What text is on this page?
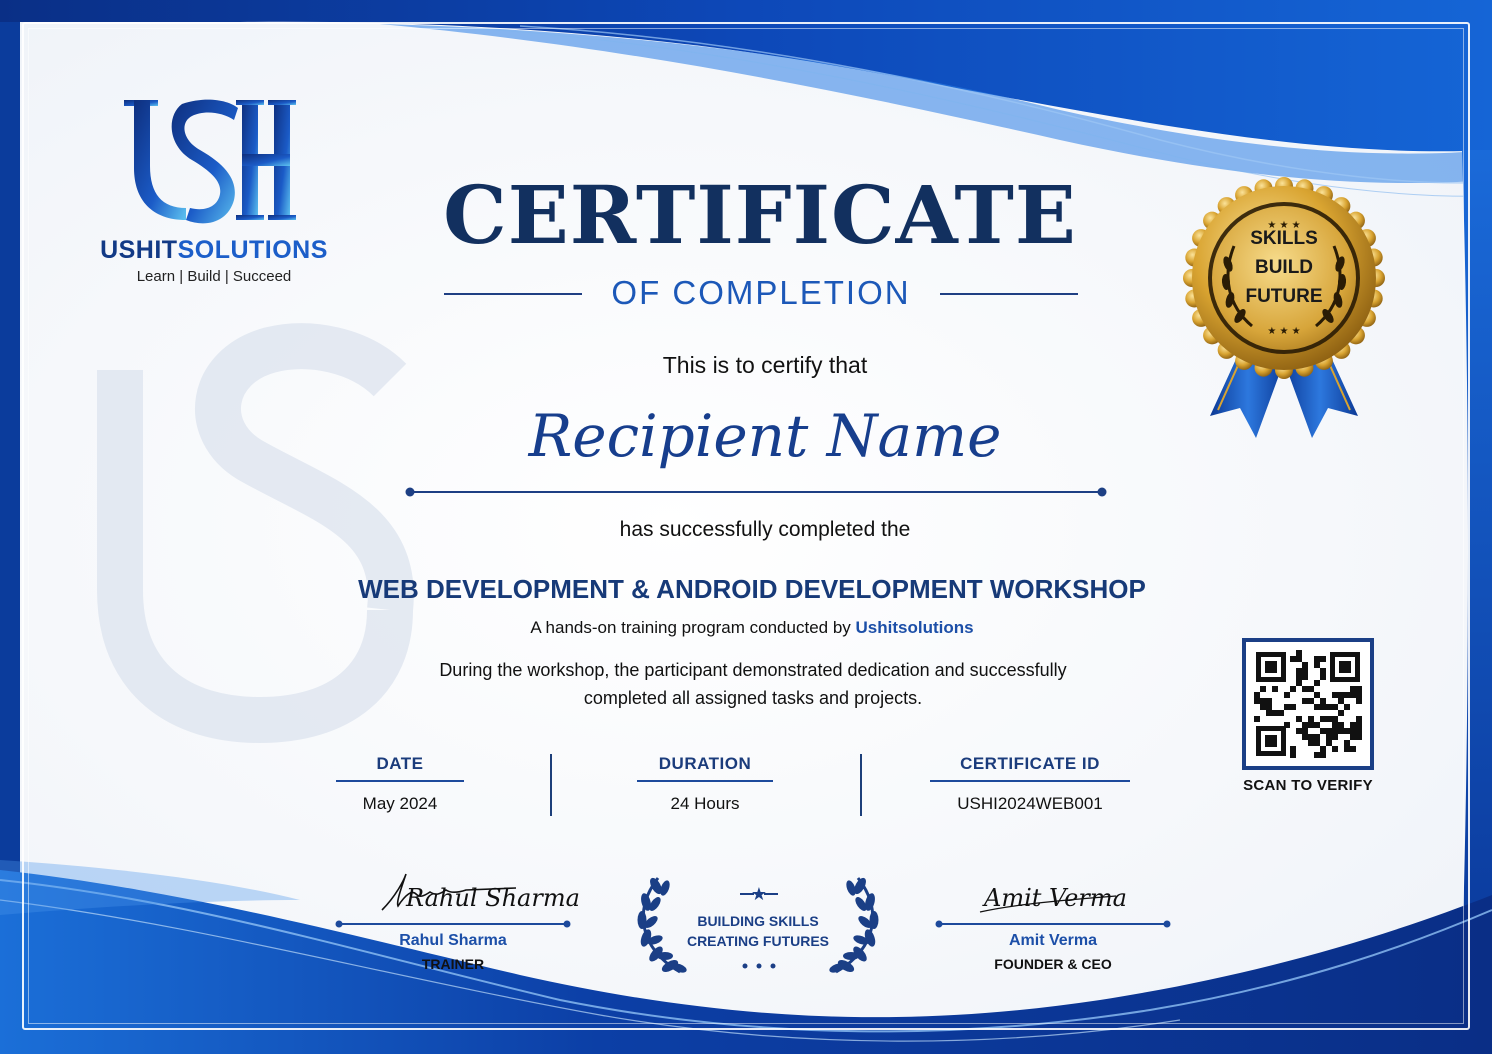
USHITSOLUTIONS
Learn | Build | Succeed
CERTIFICATE
OF COMPLETION
This is to certify that
Recipient Name
has successfully completed the
WEB DEVELOPMENT & ANDROID DEVELOPMENT WORKSHOP
A hands-on training program conducted by Ushitsolutions
During the workshop, the participant demonstrated dedication and successfully
completed all assigned tasks and projects.
DATE
May 2024
DURATION
24 Hours
CERTIFICATE ID
USHI2024WEB001
★ ★ ★
★ ★ ★
SKILLS
BUILD
FUTURE
SCAN TO VERIFY
Rahul Sharma
Rahul Sharma
TRAINER
Amit Verma
Amit Verma
FOUNDER & CEO
★
BUILDING SKILLS
CREATING FUTURES
